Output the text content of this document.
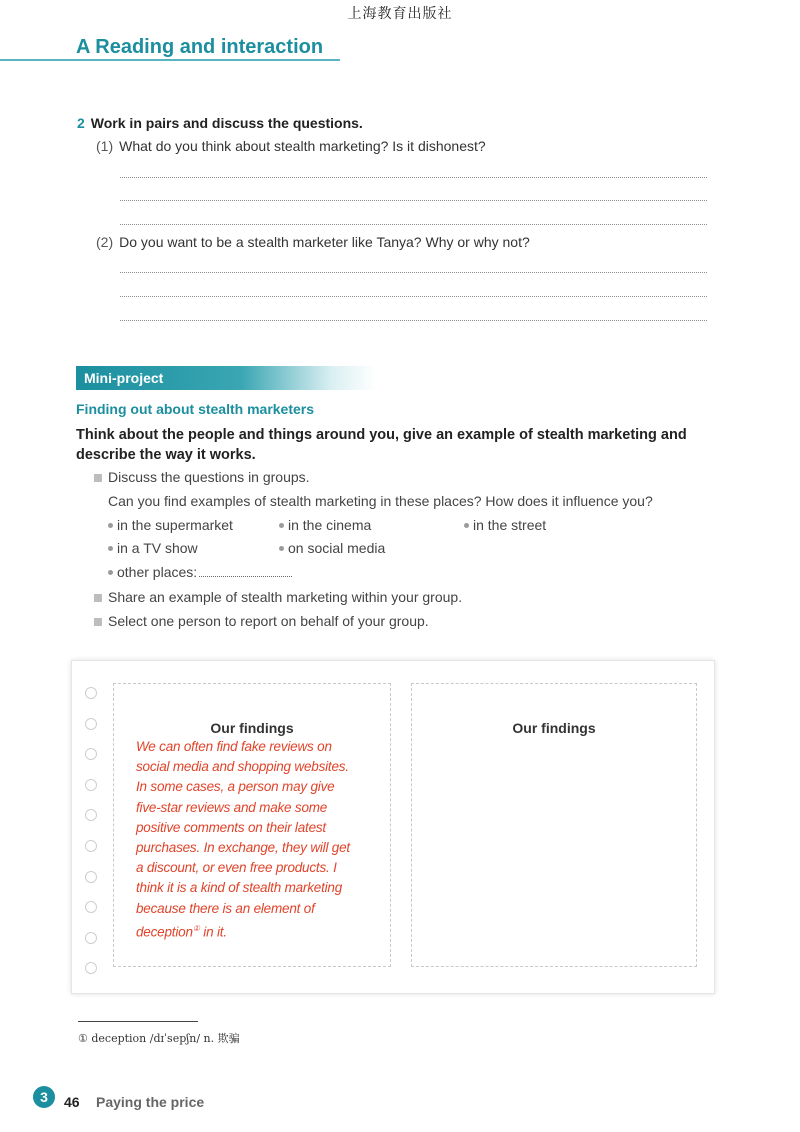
上海教育出版社
A Reading and interaction
2 Work in pairs and discuss the questions.
(1) What do you think about stealth marketing? Is it dishonest?
(2) Do you want to be a stealth marketer like Tanya? Why or why not?
Mini-project
Finding out about stealth marketers
Think about the people and things around you, give an example of stealth marketing and describe the way it works.
Discuss the questions in groups.
Can you find examples of stealth marketing in these places? How does it influence you?
in the supermarket	in the cinema	in the street
in a TV show	on social media
other places:
Share an example of stealth marketing within your group.
Select one person to report on behalf of your group.
Our findings
We can often find fake reviews on
social media and shopping websites.
In some cases, a person may give
five-star reviews and make some
positive comments on their latest
purchases. In exchange, they will get
a discount, or even free products. I
think it is a kind of stealth marketing
because there is an element of
deception① in it.
Our findings
① deception /dɪˈsepʃn/ n. 欺骗
3	46 Paying the price
